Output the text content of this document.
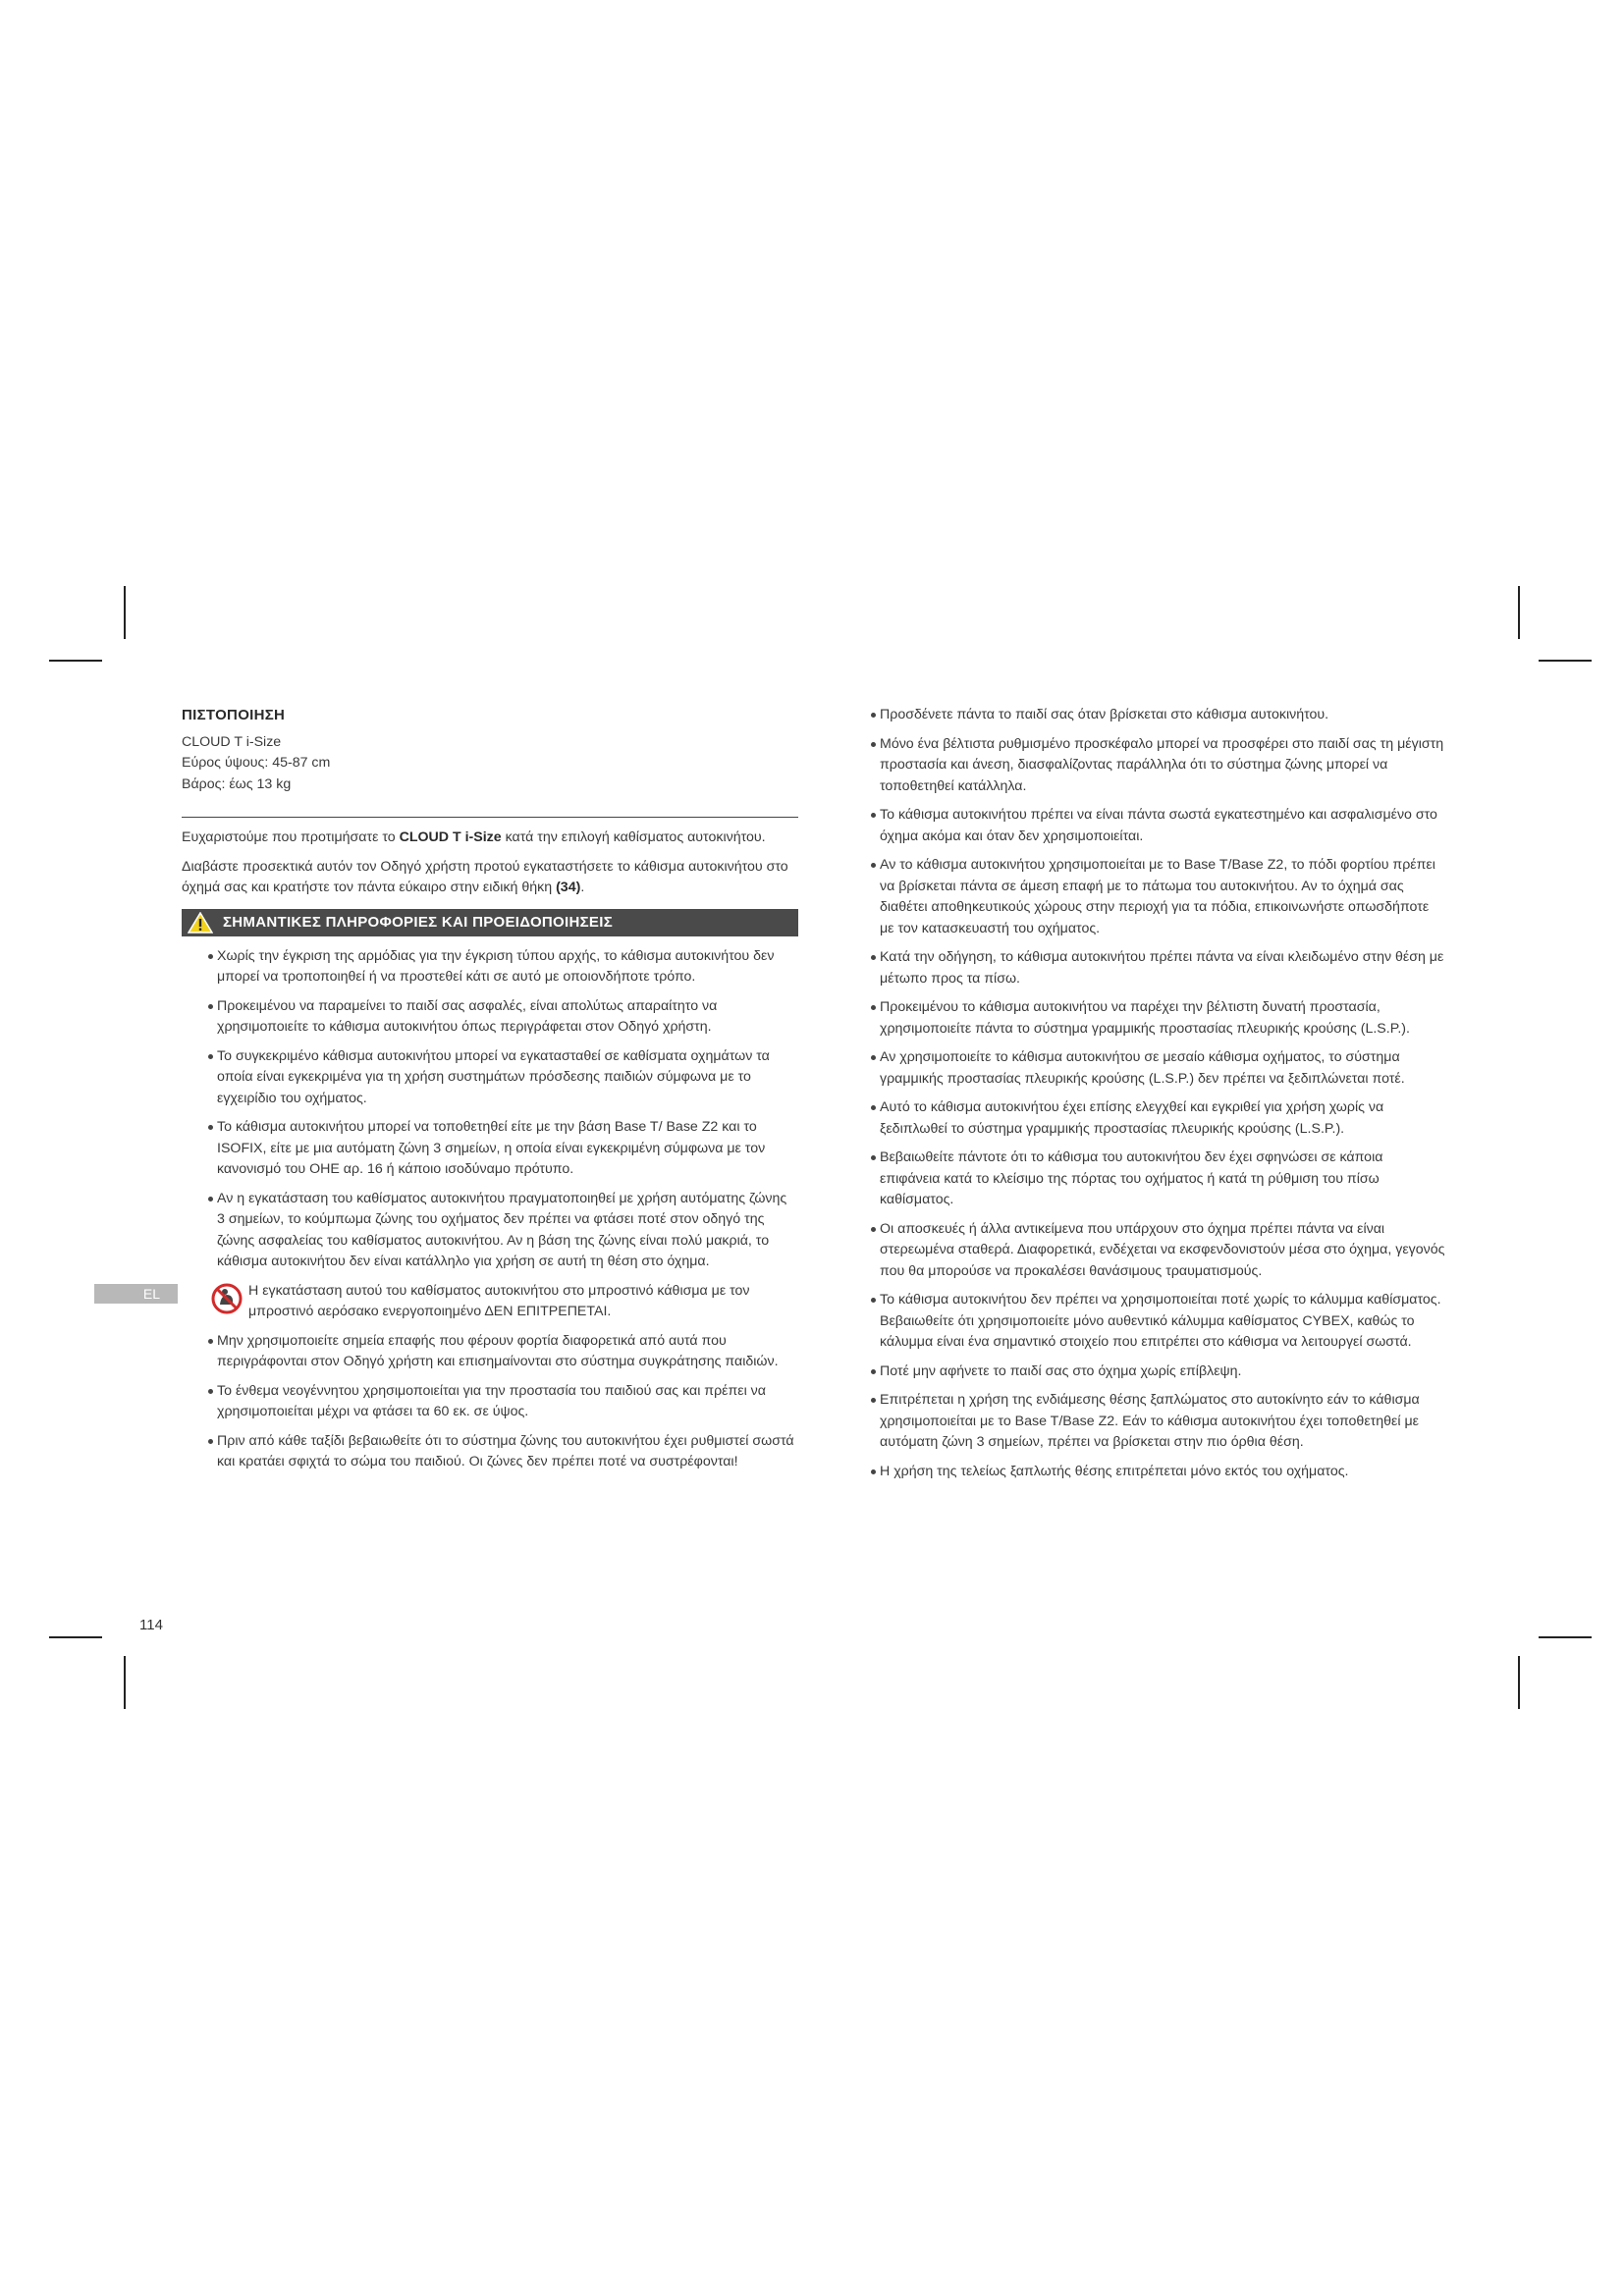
ΠΙΣΤΟΠΟΙΗΣΗ
CLOUD T i-Size
Εύρος ύψους: 45-87 cm
Βάρος: έως 13 kg

Ευχαριστούμε που προτιμήσατε το CLOUD T i-Size κατά την επιλογή καθίσματος αυτοκινήτου.

Διαβάστε προσεκτικά αυτόν τον Οδηγό χρήστη προτού εγκαταστήσετε το κάθισμα αυτοκινήτου στο όχημά σας και κρατήστε τον πάντα εύκαιρο στην ειδική θήκη (34).

ΣΗΜΑΝΤΙΚΕΣ ΠΛΗΡΟΦΟΡΙΕΣ ΚΑΙ ΠΡΟΕΙΔΟΠΟΙΗΣΕΙΣ
Χωρίς την έγκριση της αρμόδιας για την έγκριση τύπου αρχής, το κάθισμα αυτοκινήτου δεν μπορεί να τροποποιηθεί ή να προστεθεί κάτι σε αυτό με οποιονδήποτε τρόπο.
Προκειμένου να παραμείνει το παιδί σας ασφαλές, είναι απολύτως απαραίτητο να χρησιμοποιείτε το κάθισμα αυτοκινήτου όπως περιγράφεται στον Οδηγό χρήστη.
Το συγκεκριμένο κάθισμα αυτοκινήτου μπορεί να εγκατασταθεί σε καθίσματα οχημάτων τα οποία είναι εγκεκριμένα για τη χρήση συστημάτων πρόσδεσης παιδιών σύμφωνα με το εγχειρίδιο του οχήματος.
Το κάθισμα αυτοκινήτου μπορεί να τοποθετηθεί είτε με την βάση Base T/ Base Z2 και το ISOFIX, είτε με μια αυτόματη ζώνη 3 σημείων, η οποία είναι εγκεκριμένη σύμφωνα με τον κανονισμό του ΟΗΕ αρ. 16 ή κάποιο ισοδύναμο πρότυπο.
Αν η εγκατάσταση του καθίσματος αυτοκινήτου πραγματοποιηθεί με χρήση αυτόματης ζώνης 3 σημείων, το κούμπωμα ζώνης του οχήματος δεν πρέπει να φτάσει ποτέ στον οδηγό της ζώνης ασφαλείας του καθίσματος αυτοκινήτου. Αν η βάση της ζώνης είναι πολύ μακριά, το κάθισμα αυτοκινήτου δεν είναι κατάλληλο για χρήση σε αυτή τη θέση στο όχημα.
Η εγκατάσταση αυτού του καθίσματος αυτοκινήτου στο μπροστινό κάθισμα με τον μπροστινό αερόσακο ενεργοποιημένο ΔΕΝ ΕΠΙΤΡΕΠΕΤΑΙ.
Μην χρησιμοποιείτε σημεία επαφής που φέρουν φορτία διαφορετικά από αυτά που περιγράφονται στον Οδηγό χρήστη και επισημαίνονται στο σύστημα συγκράτησης παιδιών.
Το ένθεμα νεογέννητου χρησιμοποιείται για την προστασία του παιδιού σας και πρέπει να χρησιμοποιείται μέχρι να φτάσει τα 60 εκ. σε ύψος.
Πριν από κάθε ταξίδι βεβαιωθείτε ότι το σύστημα ζώνης του αυτοκινήτου έχει ρυθμιστεί σωστά και κρατάει σφιχτά το σώμα του παιδιού. Οι ζώνες δεν πρέπει ποτέ να συστρέφονται!
Προσδένετε πάντα το παιδί σας όταν βρίσκεται στο κάθισμα αυτοκινήτου.
Μόνο ένα βέλτιστα ρυθμισμένο προσκέφαλο μπορεί να προσφέρει στο παιδί σας τη μέγιστη προστασία και άνεση, διασφαλίζοντας παράλληλα ότι το σύστημα ζώνης μπορεί να τοποθετηθεί κατάλληλα.
Το κάθισμα αυτοκινήτου πρέπει να είναι πάντα σωστά εγκατεστημένο και ασφαλισμένο στο όχημα ακόμα και όταν δεν χρησιμοποιείται.
Αν το κάθισμα αυτοκινήτου χρησιμοποιείται με το Base T/Base Z2, το πόδι φορτίου πρέπει να βρίσκεται πάντα σε άμεση επαφή με το πάτωμα του αυτοκινήτου. Αν το όχημά σας διαθέτει αποθηκευτικούς χώρους στην περιοχή για τα πόδια, επικοινωνήστε οπωσδήποτε με τον κατασκευαστή του οχήματος.
Κατά την οδήγηση, το κάθισμα αυτοκινήτου πρέπει πάντα να είναι κλειδωμένο στην θέση με μέτωπο προς τα πίσω.
Προκειμένου το κάθισμα αυτοκινήτου να παρέχει την βέλτιστη δυνατή προστασία, χρησιμοποιείτε πάντα το σύστημα γραμμικής προστασίας πλευρικής κρούσης (L.S.P.).
Αν χρησιμοποιείτε το κάθισμα αυτοκινήτου σε μεσαίο κάθισμα οχήματος, το σύστημα γραμμικής προστασίας πλευρικής κρούσης (L.S.P.) δεν πρέπει να ξεδιπλώνεται ποτέ.
Αυτό το κάθισμα αυτοκινήτου έχει επίσης ελεγχθεί και εγκριθεί για χρήση χωρίς να ξεδιπλωθεί το σύστημα γραμμικής προστασίας πλευρικής κρούσης (L.S.P.).
Βεβαιωθείτε πάντοτε ότι το κάθισμα του αυτοκινήτου δεν έχει σφηνώσει σε κάποια επιφάνεια κατά το κλείσιμο της πόρτας του οχήματος ή κατά τη ρύθμιση του πίσω καθίσματος.
Οι αποσκευές ή άλλα αντικείμενα που υπάρχουν στο όχημα πρέπει πάντα να είναι στερεωμένα σταθερά. Διαφορετικά, ενδέχεται να εκσφενδονιστούν μέσα στο όχημα, γεγονός που θα μπορούσε να προκαλέσει θανάσιμους τραυματισμούς.
Το κάθισμα αυτοκινήτου δεν πρέπει να χρησιμοποιείται ποτέ χωρίς το κάλυμμα καθίσματος. Βεβαιωθείτε ότι χρησιμοποιείτε μόνο αυθεντικό κάλυμμα καθίσματος CYBEX, καθώς το κάλυμμα είναι ένα σημαντικό στοιχείο που επιτρέπει στο κάθισμα να λειτουργεί σωστά.
Ποτέ μην αφήνετε το παιδί σας στο όχημα χωρίς επίβλεψη.
Επιτρέπεται η χρήση της ενδιάμεσης θέσης ξαπλώματος στο αυτοκίνητο εάν το κάθισμα χρησιμοποιείται με το Base T/Base Z2. Εάν το κάθισμα αυτοκινήτου έχει τοποθετηθεί με αυτόματη ζώνη 3 σημείων, πρέπει να βρίσκεται στην πιο όρθια θέση.
Η χρήση της τελείως ξαπλωτής θέσης επιτρέπεται μόνο εκτός του οχήματος.
EL
114
